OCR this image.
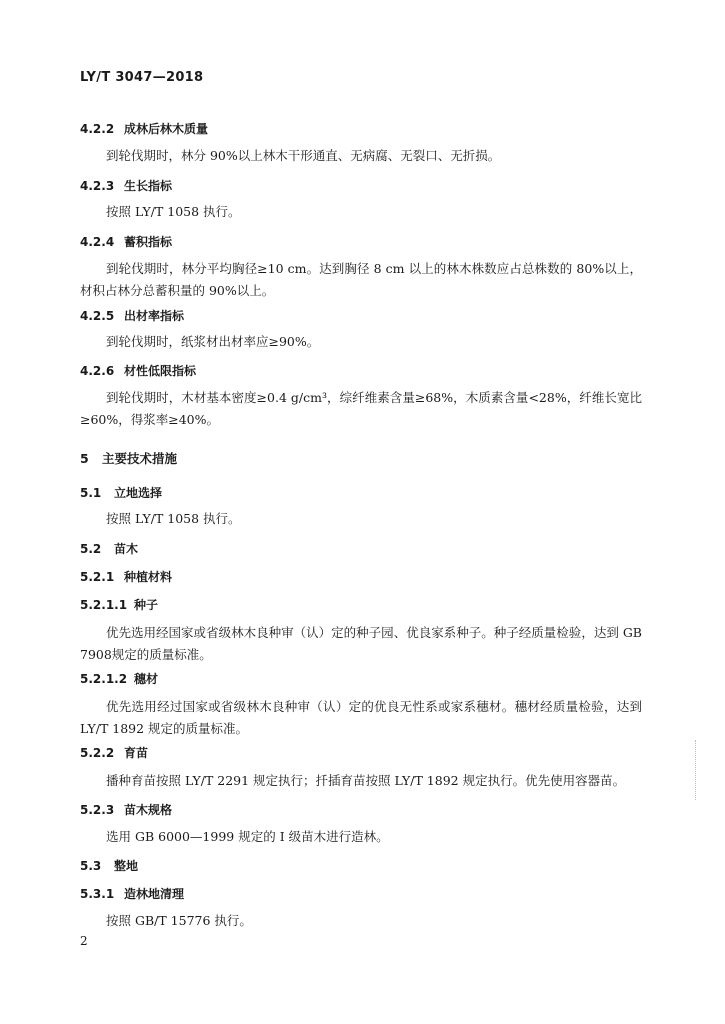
LY/T 3047—2018
4.2.2 成林后林木质量
到轮伐期时，林分 90%以上林木干形通直、无病腐、无裂口、无折损。
4.2.3 生长指标
按照 LY/T 1058 执行。
4.2.4 蓄积指标
到轮伐期时，林分平均胸径≥10 cm。达到胸径 8 cm 以上的林木株数应占总株数的 80%以上，材积占林分总蓄积量的 90%以上。
4.2.5 出材率指标
到轮伐期时，纸浆材出材率应≥90%。
4.2.6 材性低限指标
到轮伐期时，木材基本密度≥0.4 g/cm³，综纤维素含量≥68%，木质素含量<28%，纤维长宽比≥60%，得浆率≥40%。
5 主要技术措施
5.1 立地选择
按照 LY/T 1058 执行。
5.2 苗木
5.2.1 种植材料
5.2.1.1 种子
优先选用经国家或省级林木良种审（认）定的种子园、优良家系种子。种子经质量检验，达到 GB 7908规定的质量标准。
5.2.1.2 穗材
优先选用经过国家或省级林木良种审（认）定的优良无性系或家系穗材。穗材经质量检验，达到 LY/T 1892 规定的质量标准。
5.2.2 育苗
播种育苗按照 LY/T 2291 规定执行；扦插育苗按照 LY/T 1892 规定执行。优先使用容器苗。
5.2.3 苗木规格
选用 GB 6000—1999 规定的 Ⅰ 级苗木进行造林。
5.3 整地
5.3.1 造林地清理
按照 GB/T 15776 执行。
2
